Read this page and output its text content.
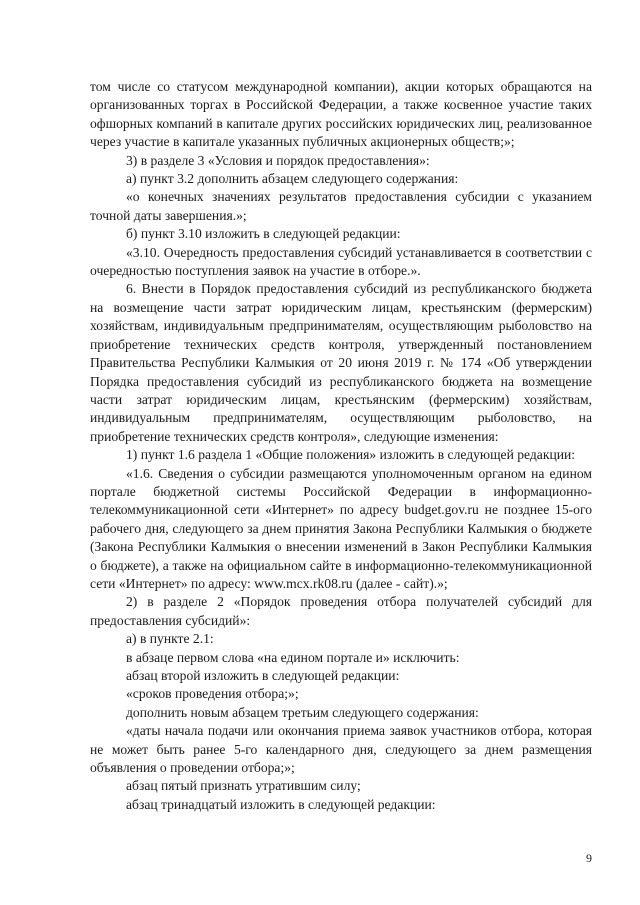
том числе со статусом международной компании), акции которых обращаются на организованных торгах в Российской Федерации, а также косвенное участие таких офшорных компаний в капитале других российских юридических лиц, реализованное через участие в капитале указанных публичных акционерных обществ;»;

3) в разделе 3 «Условия и порядок предоставления»:

а) пункт 3.2 дополнить абзацем следующего содержания:

«о конечных значениях результатов предоставления субсидии с указанием точной даты завершения.»;

б) пункт 3.10 изложить в следующей редакции:

«3.10. Очередность предоставления субсидий устанавливается в соответствии с очередностью поступления заявок на участие в отборе.».

6. Внести в Порядок предоставления субсидий из республиканского бюджета на возмещение части затрат юридическим лицам, крестьянским (фермерским) хозяйствам, индивидуальным предпринимателям, осуществляющим рыболовство на приобретение технических средств контроля, утвержденный постановлением Правительства Республики Калмыкия от 20 июня 2019 г. № 174 «Об утверждении Порядка предоставления субсидий из республиканского бюджета на возмещение части затрат юридическим лицам, крестьянским (фермерским) хозяйствам, индивидуальным предпринимателям, осуществляющим рыболовство, на приобретение технических средств контроля», следующие изменения:

1) пункт 1.6 раздела 1 «Общие положения» изложить в следующей редакции:

«1.6. Сведения о субсидии размещаются уполномоченным органом на едином портале бюджетной системы Российской Федерации в информационно-телекоммуникационной сети «Интернет» по адресу budget.gov.ru не позднее 15-ого рабочего дня, следующего за днем принятия Закона Республики Калмыкия о бюджете (Закона Республики Калмыкия о внесении изменений в Закон Республики Калмыкия о бюджете), а также на официальном сайте в информационно-телекоммуникационной сети «Интернет» по адресу: www.mcx.rk08.ru (далее - сайт).»;

2) в разделе 2 «Порядок проведения отбора получателей субсидий для предоставления субсидий»:

а) в пункте 2.1:

в абзаце первом слова «на едином портале и» исключить:

абзац второй изложить в следующей редакции:

«сроков проведения отбора;»;

дополнить новым абзацем третьим следующего содержания:

«даты начала подачи или окончания приема заявок участников отбора, которая не может быть ранее 5-го календарного дня, следующего за днем размещения объявления о проведении отбора;»;

абзац пятый признать утратившим силу;

абзац тринадцатый изложить в следующей редакции:

9
